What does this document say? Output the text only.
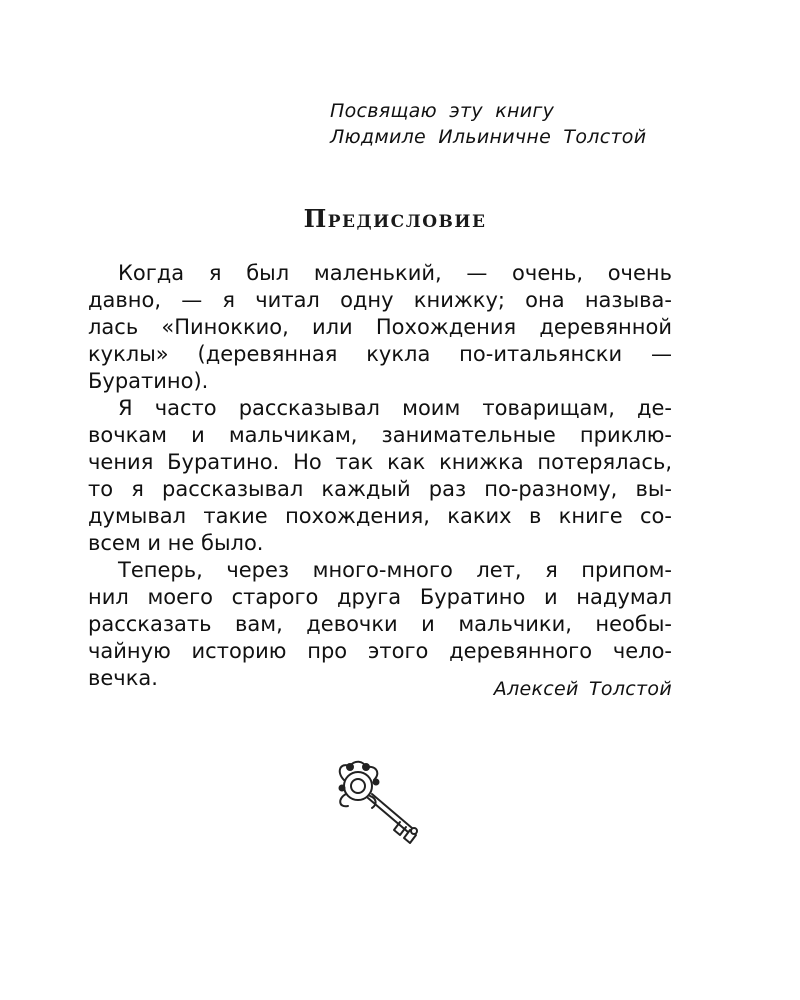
Посвящаю эту книгу
Людмиле Ильиничне Толстой
Предисловие
Когда я был маленький, — очень, очень
давно, — я читал одну книжку; она называ-
лась «Пинoккио, или Похождения деревянной
куклы» (деревянная кукла по-итальянски —
Буратино).
Я часто рассказывал моим товарищам, де-
вочкам и мальчикам, занимательные приклю-
чения Буратино. Но так как книжка потерялась,
то я рассказывал каждый раз по-разному, вы-
думывал такие похождения, каких в книге со-
всем и не было.
Теперь, через много-много лет, я припом-
нил моего старого друга Буратино и надумал
рассказать вам, девочки и мальчики, необы-
чайную историю про этого деревянного чело-
вечка.	Алексей Толстой
